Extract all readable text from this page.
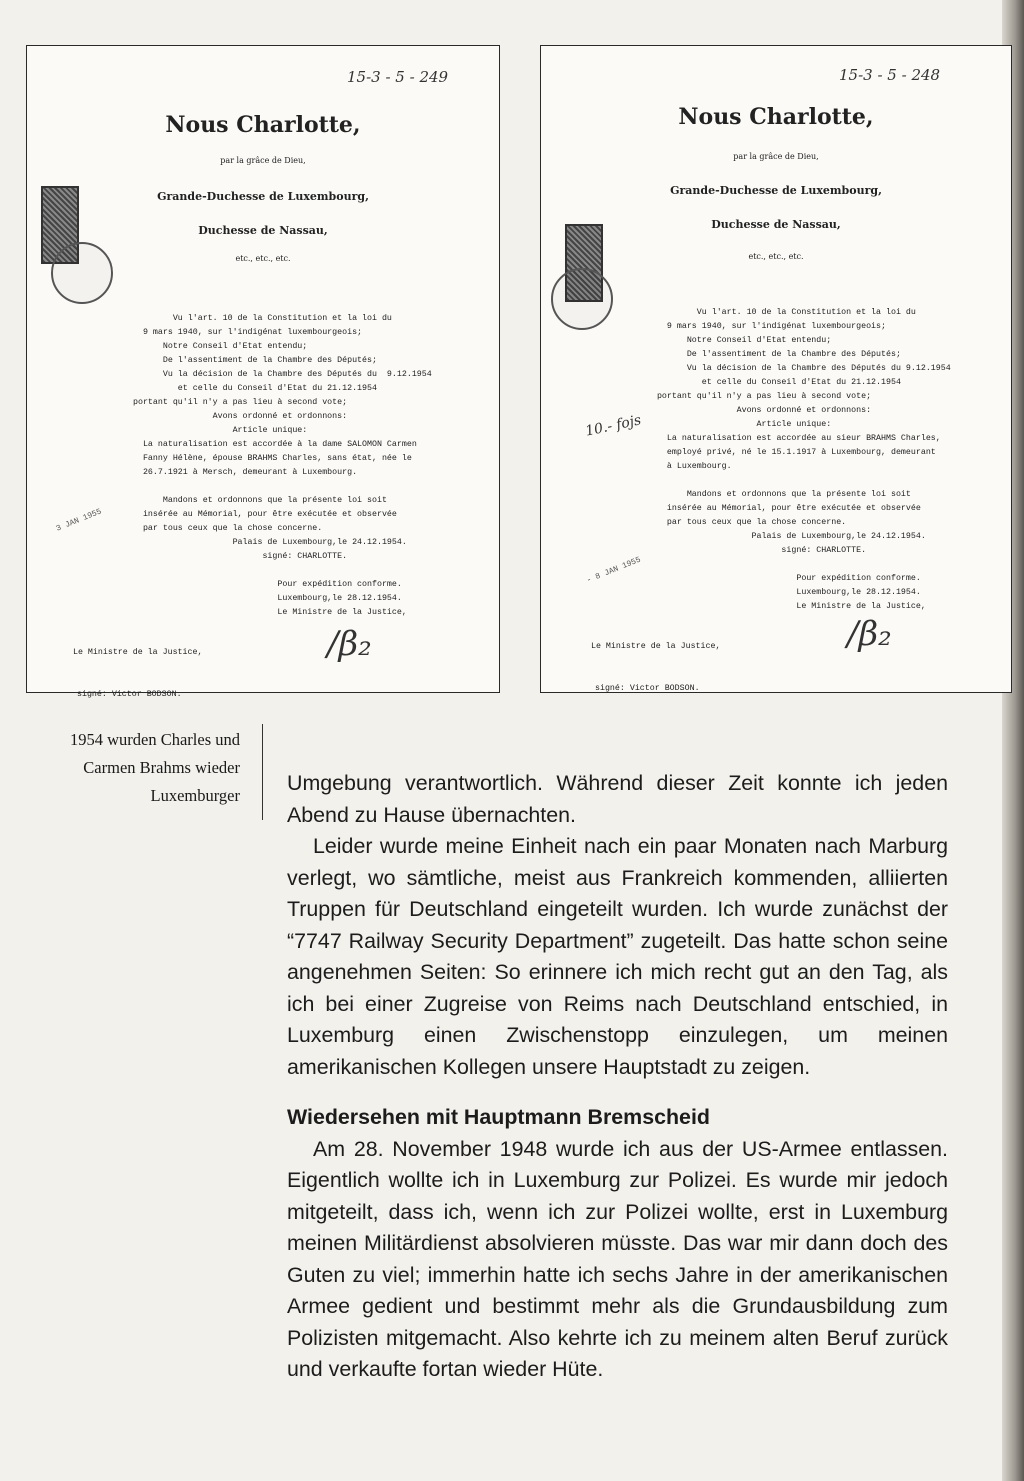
15-3 - 5 - 249
Nous Charlotte,
par la grâce de Dieu,
Grande-Duchesse de Luxembourg,
Duchesse de Nassau,
etc., etc., etc.

Vu l'art. 10 de la Constitution et la loi du
9 mars 1940, sur l'indigénat luxembourgeois;
Notre Conseil d'Etat entendu;
De l'assentiment de la Chambre des Députés;
Vu la décision de la Chambre des Députés du  9.12.1954
et celle du Conseil d'Etat du 21.12.1954
portant qu'il n'y a pas lieu à second vote;
Avons ordonné et ordonnons:
Article unique:
La naturalisation est accordée à la dame SALOMON Carmen
Fanny Hélène, épouse BRAHMS Charles, sans état, née le
26.7.1921 à Mersch, demeurant à Luxembourg.

Mandons et ordonnons que la présente loi soit
insérée au Mémorial, pour être exécutée et observée
par tous ceux que la chose concerne.
Palais de Luxembourg,le 24.12.1954.
signé: CHARLOTTE.

Pour expédition conforme.
Luxembourg,le 28.12.1954.
Le Ministre de la Justice,

3 JAN 1955

Le Ministre de la Justice,

signé: Victor BODSON.

∕β₂
15-3 - 5 - 248
Nous Charlotte,
par la grâce de Dieu,
Grande-Duchesse de Luxembourg,
Duchesse de Nassau,
etc., etc., etc.

Vu l'art. 10 de la Constitution et la loi du
9 mars 1940, sur l'indigénat luxembourgeois;
Notre Conseil d'Etat entendu;
De l'assentiment de la Chambre des Députés;
Vu la décision de la Chambre des Députés du 9.12.1954
et celle du Conseil d'Etat du 21.12.1954
portant qu'il n'y a pas lieu à second vote;
Avons ordonné et ordonnons:
Article unique:
La naturalisation est accordée au sieur BRAHMS Charles,
employé privé, né le 15.1.1917 à Luxembourg, demeurant
à Luxembourg.

Mandons et ordonnons que la présente loi soit
insérée au Mémorial, pour être exécutée et observée
par tous ceux que la chose concerne.
Palais de Luxembourg,le 24.12.1954.
signé: CHARLOTTE.

Pour expédition conforme.
Luxembourg,le 28.12.1954.
Le Ministre de la Justice,

10.- fojs
- 8 JAN 1955

Le Ministre de la Justice,

signé: Victor BODSON.

∕β₂
1954 wurden Charles und
Carmen Brahms wieder
Luxemburger

Umgebung verantwortlich. Während dieser Zeit konnte ich jeden Abend zu Hause übernachten.

Leider wurde meine Einheit nach ein paar Monaten nach Marburg verlegt, wo sämtliche, meist aus Frankreich kommenden, alliierten Truppen für Deutschland eingeteilt wurden. Ich wurde zunächst der “7747 Railway Security Department” zugeteilt. Das hatte schon seine angenehmen Seiten: So erinnere ich mich recht gut an den Tag, als ich bei einer Zugreise von Reims nach Deutschland entschied, in Luxemburg einen Zwischenstopp einzulegen, um meinen amerikanischen Kollegen unsere Hauptstadt zu zeigen.

Wiedersehen mit Hauptmann Bremscheid

Am 28. November 1948 wurde ich aus der US-Armee entlassen. Eigentlich wollte ich in Luxemburg zur Polizei. Es wurde mir jedoch mitgeteilt, dass ich, wenn ich zur Polizei wollte, erst in Luxemburg meinen Militärdienst absolvieren müsste. Das war mir dann doch des Guten zu viel; immerhin hatte ich sechs Jahre in der amerikanischen Armee gedient und bestimmt mehr als die Grundausbildung zum Polizisten mitgemacht. Also kehrte ich zu meinem alten Beruf zurück und verkaufte fortan wieder Hüte.
